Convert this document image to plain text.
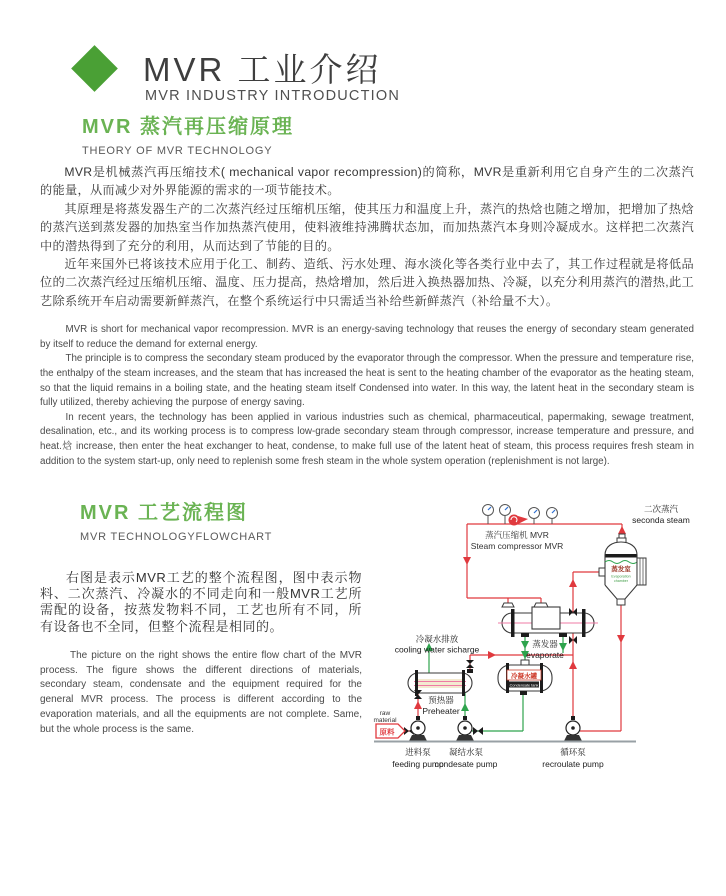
MVR 工业介绍
MVR INDUSTRY INTRODUCTION
MVR 蒸汽再压缩原理
THEORY OF MVR TECHNOLOGY

MVR是机械蒸汽再压缩技术( mechanical vapor recompression)的简称，MVR是重新利用它自身产生的二次蒸汽的能量，从而减少对外界能源的需求的一项节能技术。

其原理是将蒸发器生产的二次蒸汽经过压缩机压缩，使其压力和温度上升，蒸汽的热焓也随之增加，把增加了热焓的蒸汽送到蒸发器的加热室当作加热蒸汽使用，使料液维持沸腾状态加，而加热蒸汽本身则冷凝成水。这样把二次蒸汽中的潜热得到了充分的利用，从而达到了节能的目的。

近年来国外已将该技术应用于化工、制药、造纸、污水处理、海水淡化等各类行业中去了，其工作过程就是将低品位的二次蒸汽经过压缩机压缩、温度、压力提高，热焓增加，然后进入换热器加热、冷凝，以充分利用蒸汽的潜热,此工艺除系统开车启动需要新鲜蒸汽，在整个系统运行中只需适当补给些新鲜蒸汽（补给量不大）。

MVR is short for mechanical vapor recompression. MVR is an energy-saving technology that reuses the energy of secondary steam generated by itself to reduce the demand for external energy.

The principle is to compress the secondary steam produced by the evaporator through the compressor. When the pressure and temperature rise, the enthalpy of the steam increases, and the steam that has increased the heat is sent to the heating chamber of the evaporator as the heating steam, so that the liquid remains in a boiling state, and the heating steam itself Condensed into water. In this way, the latent heat in the secondary steam is fully utilized, thereby achieving the purpose of energy saving.

In recent years, the technology has been applied in various industries such as chemical, pharmaceutical, papermaking, sewage treatment, desalination, etc., and its working process is to compress low-grade secondary steam through compressor, increase temperature and pressure, and heat.焓 increase, then enter the heat exchanger to heat, condense, to make full use of the latent heat of steam, this process requires fresh steam in addition to the system start-up, only need to replenish some fresh steam in the whole system operation (replenishment is not large).

MVR 工艺流程图
MVR TECHNOLOGYFLOWCHART

右图是表示MVR工艺的整个流程图，图中表示物料、二次蒸汽、冷凝水的不同走向和一般MVR工艺所需配的设备，按蒸发物料不同，工艺也所有不同，所有设备也不全同，但整个流程是相同的。

The picture on the right shows the entire flow chart of the MVR process. The figure shows the different directions of materials, secondary steam, condensate and the equipment required for the general MVR process. The process is different according to the evaporation materials, and all the equipments are not complete. Same, but the whole process is the same.

蒸汽压缩机 MVR
Steam compressor MVR
二次蒸汽
seconda steam
蒸发室
Evaporation
chamber
蒸发器
evaporate
冷凝水排放
cooling water sicharge
冷凝水罐
Condensate tank
预热器
Preheater
原料
raw
material
进料泵
feeding pump
凝结水泵
condesate pump
循环泵
recroulate pump
